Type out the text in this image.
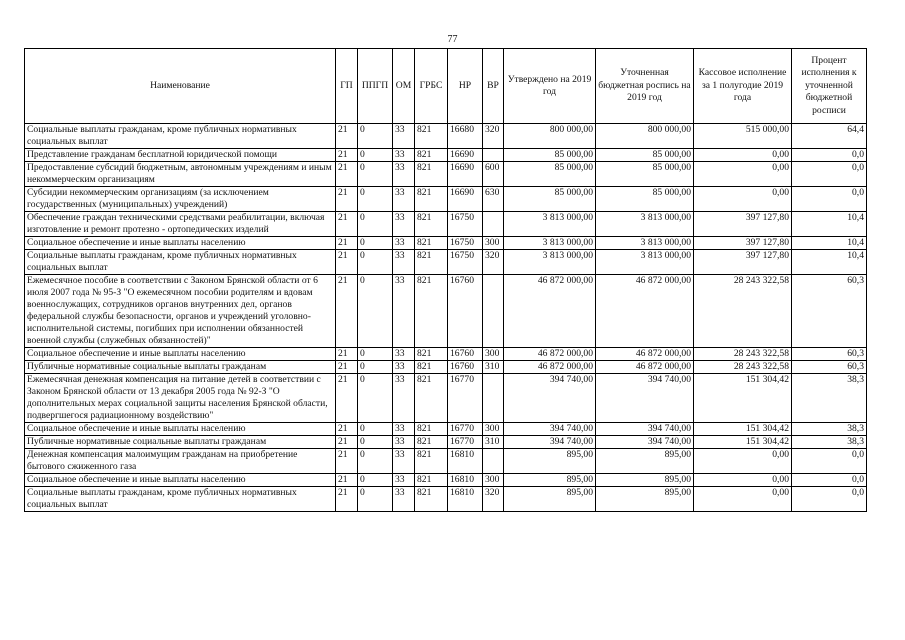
77
Наименование	ГП	ППГП	ОМ	ГРБС	НР	ВР	Утверждено на 2019 год	Уточненная бюджетная роспись на 2019 год	Кассовое исполнение за 1 полугодие 2019 года	Процент исполнения к уточненной бюджетной росписи
Социальные выплаты гражданам, кроме публичных нормативных социальных выплат	21	0	33	821	16680	320	800 000,00	800 000,00	515 000,00	64,4
Представление гражданам бесплатной юридической помощи	21	0	33	821	16690		85 000,00	85 000,00	0,00	0,0
Предоставление субсидий бюджетным, автономным учреждениям и иным некоммерческим организациям	21	0	33	821	16690	600	85 000,00	85 000,00	0,00	0,0
Субсидии некоммерческим организациям (за исключением государственных (муниципальных) учреждений)	21	0	33	821	16690	630	85 000,00	85 000,00	0,00	0,0
Обеспечение граждан техническими средствами реабилитации, включая изготовление и ремонт протезно - ортопедических изделий	21	0	33	821	16750		3 813 000,00	3 813 000,00	397 127,80	10,4
Социальное обеспечение и иные выплаты населению	21	0	33	821	16750	300	3 813 000,00	3 813 000,00	397 127,80	10,4
Социальные выплаты гражданам, кроме публичных нормативных социальных выплат	21	0	33	821	16750	320	3 813 000,00	3 813 000,00	397 127,80	10,4
Ежемесячное пособие в соответствии с Законом Брянской области от 6 июля 2007 года № 95-З "О ежемесячном пособии родителям и вдовам военнослужащих, сотрудников органов внутренних дел, органов федеральной службы безопасности, органов и учреждений уголовно-исполнительной системы, погибших при исполнении обязанностей военной службы (служебных обязанностей)"	21	0	33	821	16760		46 872 000,00	46 872 000,00	28 243 322,58	60,3
Социальное обеспечение и иные выплаты населению	21	0	33	821	16760	300	46 872 000,00	46 872 000,00	28 243 322,58	60,3
Публичные нормативные социальные выплаты гражданам	21	0	33	821	16760	310	46 872 000,00	46 872 000,00	28 243 322,58	60,3
Ежемесячная денежная компенсация на питание детей в соответствии с Законом Брянской области от 13 декабря 2005 года № 92-З "О дополнительных мерах социальной защиты населения Брянской области, подвергшегося радиационному воздействию"	21	0	33	821	16770		394 740,00	394 740,00	151 304,42	38,3
Социальное обеспечение и иные выплаты населению	21	0	33	821	16770	300	394 740,00	394 740,00	151 304,42	38,3
Публичные нормативные социальные выплаты гражданам	21	0	33	821	16770	310	394 740,00	394 740,00	151 304,42	38,3
Денежная компенсация малоимущим гражданам на приобретение бытового сжиженного газа	21	0	33	821	16810		895,00	895,00	0,00	0,0
Социальное обеспечение и иные выплаты населению	21	0	33	821	16810	300	895,00	895,00	0,00	0,0
Социальные выплаты гражданам, кроме публичных нормативных социальных выплат	21	0	33	821	16810	320	895,00	895,00	0,00	0,0
